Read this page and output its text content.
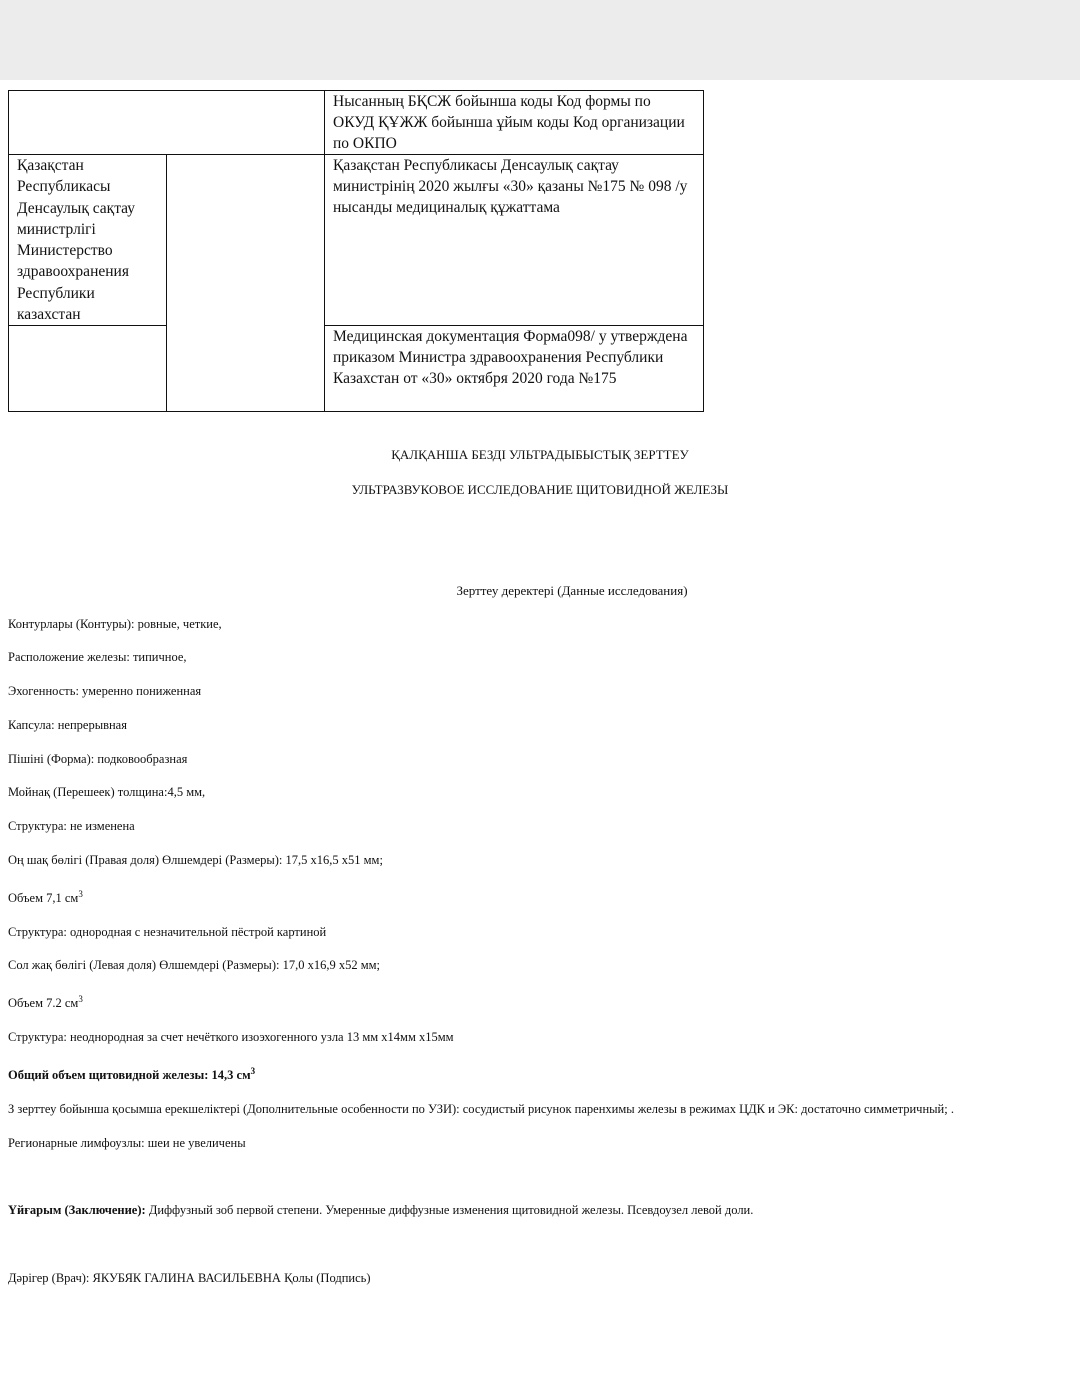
		Нысанның БҚСЖ бойынша коды Код формы по ОКУД ҚҰЖЖ бойынша ұйым коды Код организации по ОКПО
Қазақстан Республикасы Денсаулық сақтау министрлігі Министерство здравоохранения Республики казахстан		Қазақстан Республикасы Денсаулық сақтау министрінің 2020 жылғы «30» қазаны №175 № 098 /у нысанды медициналық құжаттама
		Медицинская документация Форма098/ у утверждена приказом Министра здравоохранения Республики Казахстан от «30» октября 2020 года №175
ҚАЛҚАНША БЕЗДІ УЛЬТРАДЫБЫСТЫҚ ЗЕРТТЕУ
УЛЬТРАЗВУКОВОЕ ИССЛЕДОВАНИЕ ЩИТОВИДНОЙ ЖЕЛЕЗЫ
Зерттеу деректері (Данные исследования)
Контурлары (Контуры): ровные, четкие,
Расположение железы: типичное,
Эхогенность: умеренно пониженная
Капсула: непрерывная
Пішіні (Форма): подковообразная
Мойнақ (Перешеек) толщина:4,5 мм,
Структура: не изменена
Оң шақ бөлігі (Правая доля) Өлшемдері (Размеры): 17,5 х16,5 х51 мм;
Объем 7,1 $см^3$
Структура: однородная с незначительной пёстрой картиной
Сол жақ бөлігі (Левая доля) Өлшемдері (Размеры): 17,0 х16,9 х52 мм;
Объем 7.2 $см^3$
Структура: неоднородная за счет нечёткого изоэхогенного узла 13 мм х14мм х15мм
Общий объем щитовидной железы: 14,3 $см^3$
З зерттеу бойынша қосымша ерекшеліктері (Дополнительные особенности по УЗИ): сосудистый рисунок паренхимы железы в режимах ЦДК и ЭК: достаточно симметричный; .
Регионарные лимфоузлы: шеи не увеличены
Үйғарым (Заключение): Диффузный зоб первой степени. Умеренные диффузные изменения щитовидной железы. Псевдоузел левой доли.
Дәрігер (Врач): ЯКУБЯК ГАЛИНА ВАСИЛЬЕВНА Қолы (Подпись)
